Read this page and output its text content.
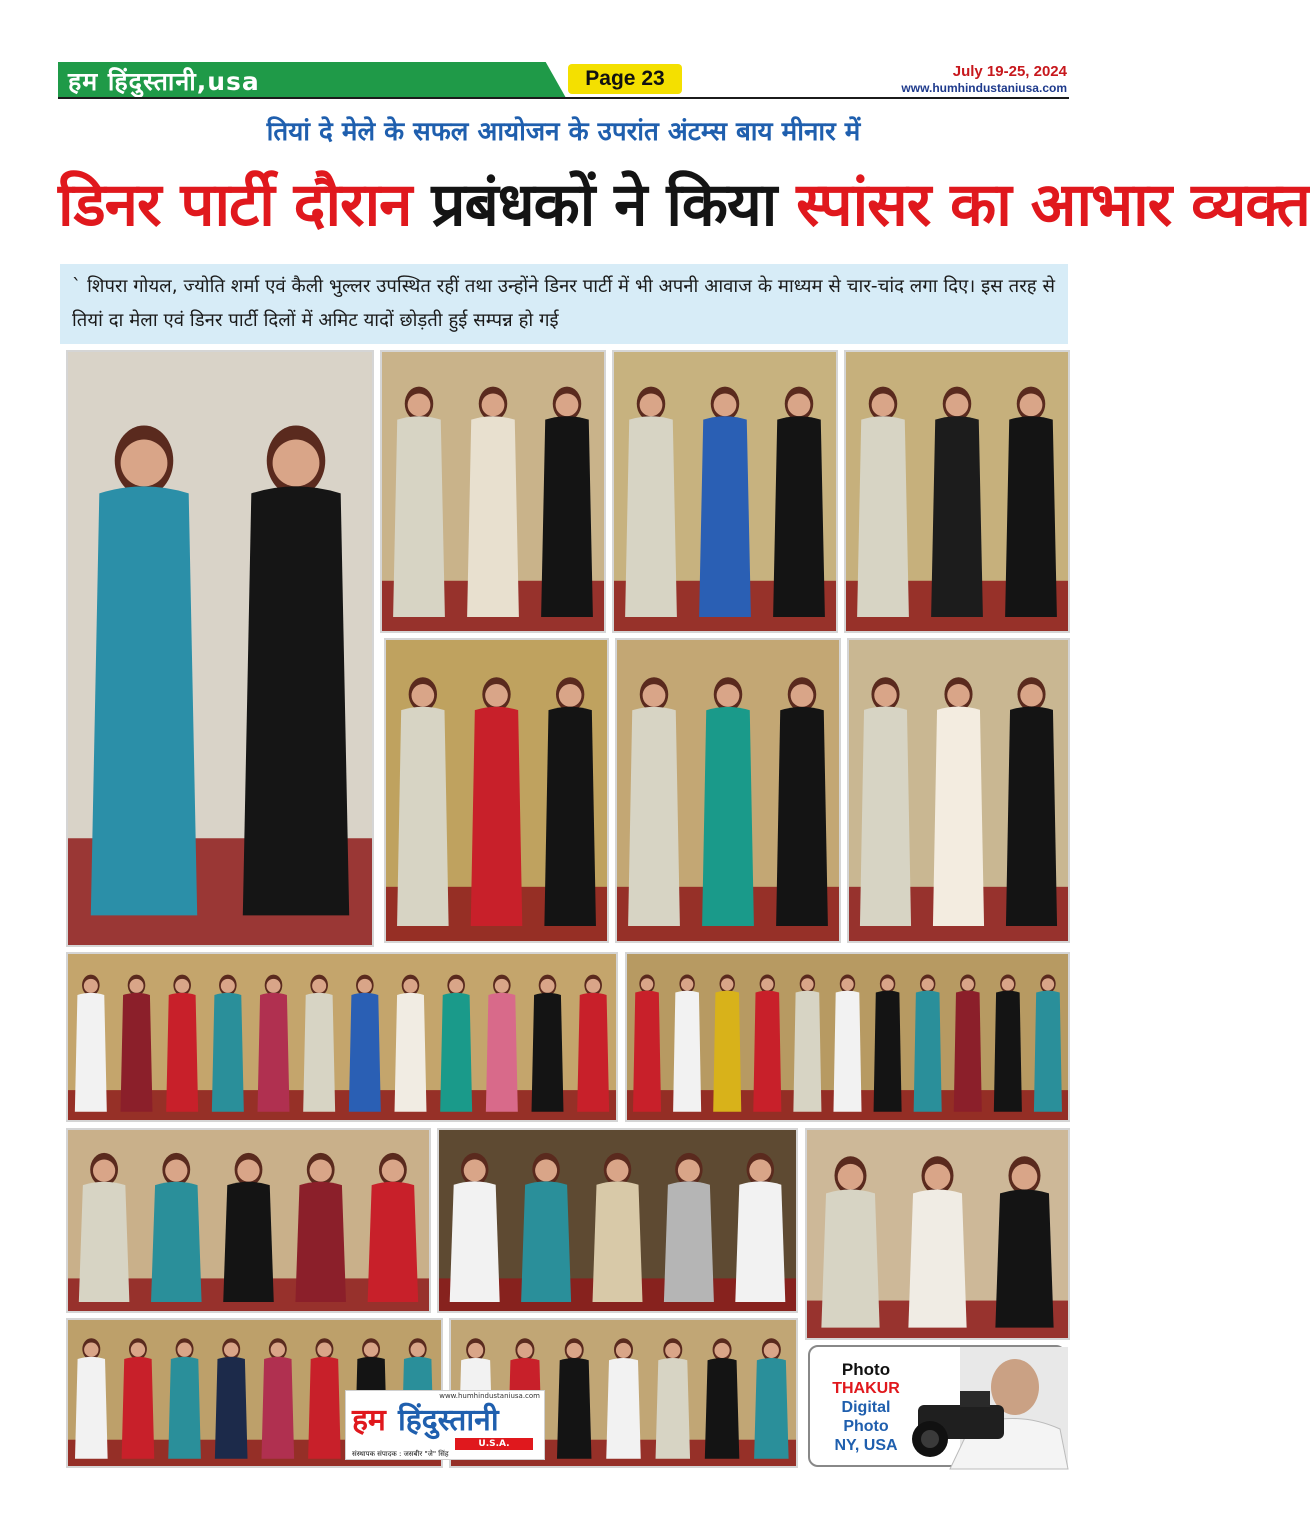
हम हिंदुस्तानी,usa	Page 23	July 19-25, 2024
www.humhindustaniusa.com
तियां दे मेले के सफल आयोजन के उपरांत अंटम्स बाय मीनार में
डिनर पार्टी दौरान प्रबंधकों ने किया स्पांसर का आभार व्यक्त
` शिपरा गोयल, ज्योति शर्मा एवं कैली भुल्लर उपस्थित रहीं तथा उन्होंने डिनर पार्टी में भी अपनी आवाज के माध्यम से चार-चांद लगा दिए। इस तरह से तियां दा मेला एवं डिनर पार्टी दिलों में अमिट यादों छोड़ती हुई सम्पन्न हो गई
www.humhindustaniusa.com
हम हिंदुस्तानी
U.S.A.
संस्थापक संपादक : जसबीर "जे" सिंह
Photo
THAKUR
Digital
Photo
NY, USA
